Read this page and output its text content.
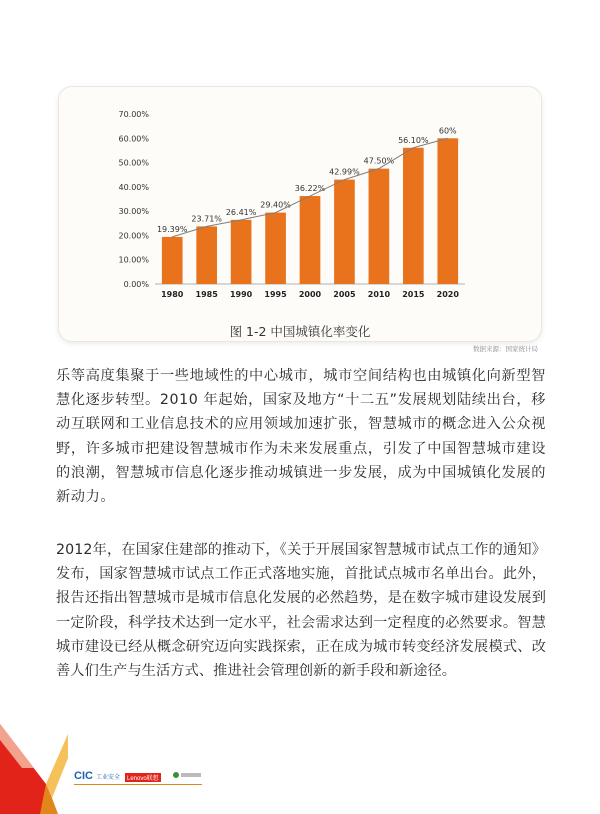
0.00%
10.00%
20.00%
30.00%
40.00%
50.00%
60.00%
70.00%
19.39%
1980
23.71%
1985
26.41%
1990
29.40%
1995
36.22%
2000
42.99%
2005
47.50%
2010
56.10%
2015
60%
2020
图 1-2 中国城镇化率变化
数据来源：国家统计局

乐等高度集聚于一些地域性的中心城市，城市空间结构也由城镇化向新型智慧化逐步转型。2010 年起始，国家及地方“十二五”发展规划陆续出台，移动互联网和工业信息技术的应用领域加速扩张，智慧城市的概念进入公众视野，许多城市把建设智慧城市作为未来发展重点，引发了中国智慧城市建设的浪潮，智慧城市信息化逐步推动城镇进一步发展，成为中国城镇化发展的新动力。

2012年，在国家住建部的推动下，《关于开展国家智慧城市试点工作的通知》发布，国家智慧城市试点工作正式落地实施，首批试点城市名单出台。此外，报告还指出智慧城市是城市信息化发展的必然趋势，是在数字城市建设发展到一定阶段，科学技术达到一定水平，社会需求达到一定程度的必然要求。智慧城市建设已经从概念研究迈向实践探索，正在成为城市转变经济发展模式、改善人们生产与生活方式、推进社会管理创新的新手段和新途径。

10
CIC 工业安全	Lenovo联想
